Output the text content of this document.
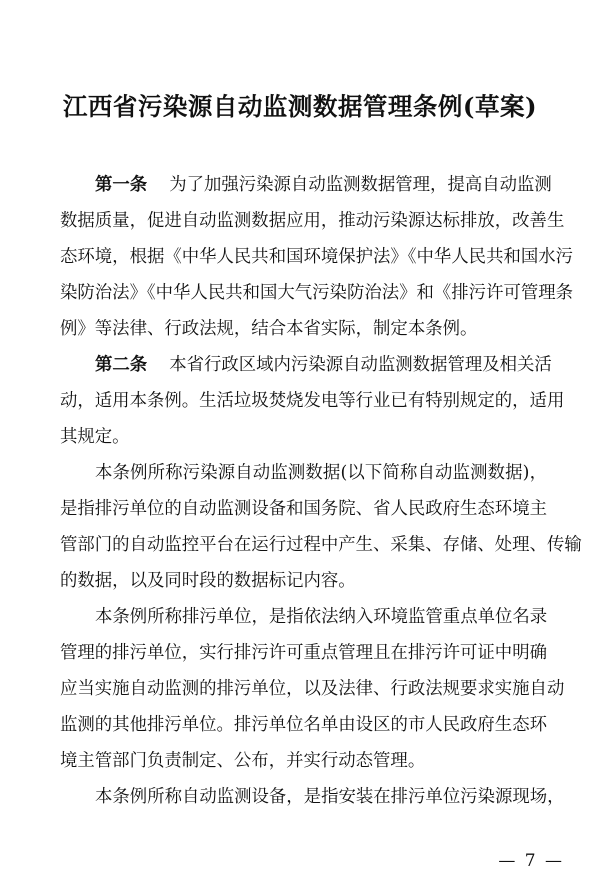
江西省污染源自动监测数据管理条例(草案)
第一条 为了加强污染源自动监测数据管理，提高自动监测
数据质量，促进自动监测数据应用，推动污染源达标排放，改善生
态环境，根据《中华人民共和国环境保护法》《中华人民共和国水污
染防治法》《中华人民共和国大气污染防治法》和《排污许可管理条
例》等法律、行政法规，结合本省实际，制定本条例。
第二条 本省行政区域内污染源自动监测数据管理及相关活
动，适用本条例。生活垃圾焚烧发电等行业已有特别规定的，适用
其规定。
本条例所称污染源自动监测数据(以下简称自动监测数据)，
是指排污单位的自动监测设备和国务院、省人民政府生态环境主
管部门的自动监控平台在运行过程中产生、采集、存储、处理、传输
的数据，以及同时段的数据标记内容。
本条例所称排污单位，是指依法纳入环境监管重点单位名录
管理的排污单位，实行排污许可重点管理且在排污许可证中明确
应当实施自动监测的排污单位，以及法律、行政法规要求实施自动
监测的其他排污单位。排污单位名单由设区的市人民政府生态环
境主管部门负责制定、公布，并实行动态管理。
本条例所称自动监测设备，是指安装在排污单位污染源现场，
— 7 —
